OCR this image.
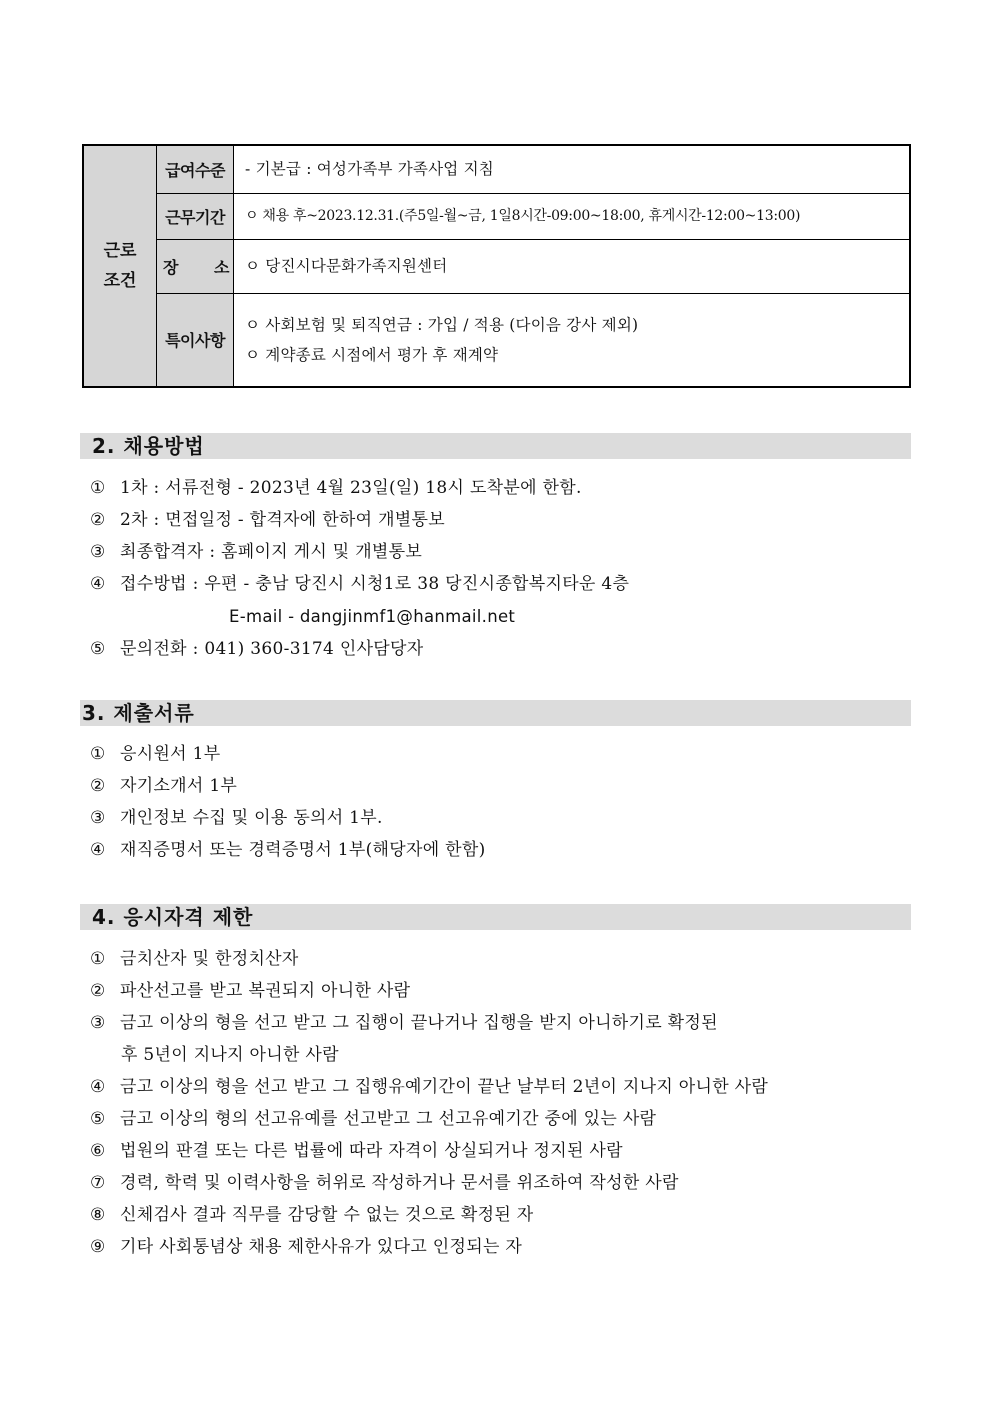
근로
조건	급여수준	- 기본급 : 여성가족부 가족사업 지침

	근무기간	ㅇ 채용 후~2023.12.31.(주5일-월~금, 1일8시간-09:00~18:00, 휴게시간-12:00~13:00)

	장 소	ㅇ 당진시다문화가족지원센터

	특이사항	ㅇ 사회보험 및 퇴직연금 : 가입 / 적용 (다이음 강사 제외)
ㅇ 계약종료 시점에서 평가 후 재계약
2. 채용방법
① 1차 : 서류전형 - 2023년 4월 23일(일) 18시 도착분에 한함.
② 2차 : 면접일정 - 합격자에 한하여 개별통보
③ 최종합격자 : 홈페이지 게시 및 개별통보
④ 접수방법 : 우편 - 충남 당진시 시청1로 38 당진시종합복지타운 4층
E-mail - dangjinmf1@hanmail.net
⑤ 문의전화 : 041) 360-3174 인사담당자
3. 제출서류
① 응시원서 1부
② 자기소개서 1부
③ 개인정보 수집 및 이용 동의서 1부.
④ 재직증명서 또는 경력증명서 1부(해당자에 한함)
4. 응시자격 제한
① 금치산자 및 한정치산자
② 파산선고를 받고 복권되지 아니한 사람
③ 금고 이상의 형을 선고 받고 그 집행이 끝나거나 집행을 받지 아니하기로 확정된
후 5년이 지나지 아니한 사람
④ 금고 이상의 형을 선고 받고 그 집행유예기간이 끝난 날부터 2년이 지나지 아니한 사람
⑤ 금고 이상의 형의 선고유예를 선고받고 그 선고유예기간 중에 있는 사람
⑥ 법원의 판결 또는 다른 법률에 따라 자격이 상실되거나 정지된 사람
⑦ 경력, 학력 및 이력사항을 허위로 작성하거나 문서를 위조하여 작성한 사람
⑧ 신체검사 결과 직무를 감당할 수 없는 것으로 확정된 자
⑨ 기타 사회통념상 채용 제한사유가 있다고 인정되는 자
